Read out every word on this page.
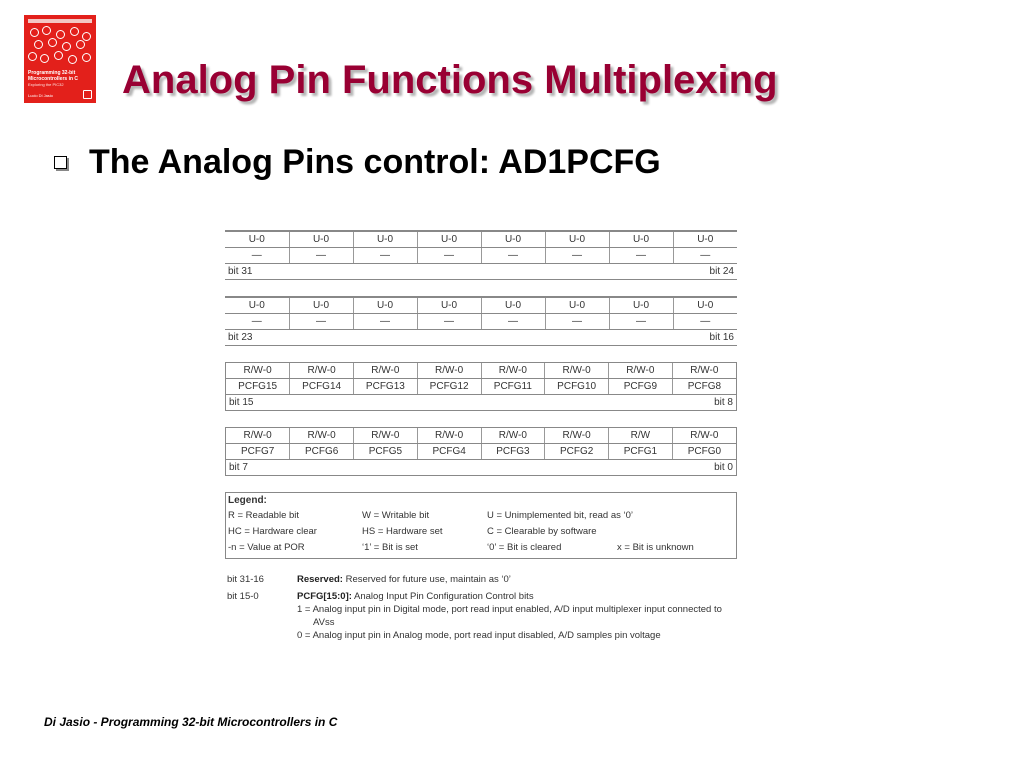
Programming 32-bit Microcontrollers in C
Exploring the PIC32
Lucio Di Jasio Analog Pin Functions Multiplexing
The Analog Pins control: AD1PCFG
U-0	U-0	U-0	U-0	U-0	U-0	U-0	U-0
—	—	—	—	—	—	—	—
bit 31				bit 24			
U-0	U-0	U-0	U-0	U-0	U-0	U-0	U-0
—	—	—	—	—	—	—	—
bit 23				bit 16			
R/W-0	R/W-0	R/W-0	R/W-0	R/W-0	R/W-0	R/W-0	R/W-0
PCFG15	PCFG14	PCFG13	PCFG12	PCFG11	PCFG10	PCFG9	PCFG8
bit 15				bit 8			
R/W-0	R/W-0	R/W-0	R/W-0	R/W-0	R/W-0	R/W	R/W-0
PCFG7	PCFG6	PCFG5	PCFG4	PCFG3	PCFG2	PCFG1	PCFG0
bit 7				bit 0			
Legend:
R = Readable bit	W = Writable bit	U = Unimplemented bit, read as ‘0’
HC = Hardware clear	HS = Hardware set	C = Clearable by software
-n = Value at POR	‘1’ = Bit is set	‘0’ = Bit is cleared	x = Bit is unknown
bit 31-16	Reserved: Reserved for future use, maintain as ‘0’
bit 15-0	PCFG[15:0]: Analog Input Pin Configuration Control bits
1 = Analog input pin in Digital mode, port read input enabled, A/D input multiplexer input connected to
AVss
0 = Analog input pin in Analog mode, port read input disabled, A/D samples pin voltage
Di Jasio - Programming 32-bit Microcontrollers in C
